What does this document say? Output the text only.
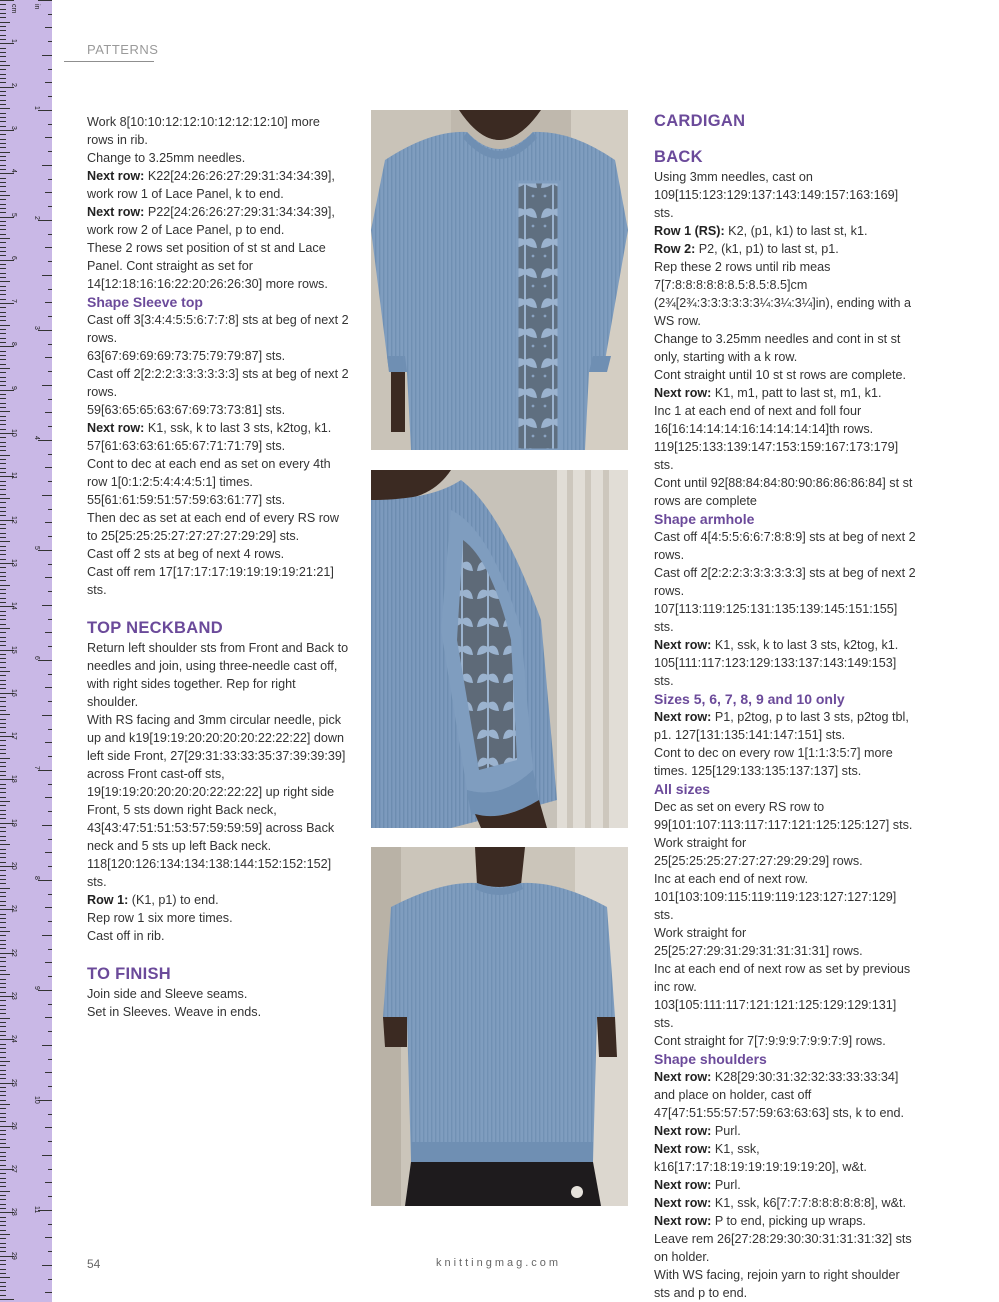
cm in
1
2
3
4
5
6
7
8
9
10
11
12
13
14
15
16
17
18
19
20
21
22
23
24
25
26
27
28
29
1
2
3
4
5
6
7
8
9
10
11
PATTERNS

Work 8[10:10:12:12:10:12:12:12:10] more rows in rib.

Change to 3.25mm needles.

Next row: K22[24:26:26:27:29:31:34:34:39], work row 1 of Lace Panel, k to end.

Next row: P22[24:26:26:27:29:31:34:34:39], work row 2 of Lace Panel, p to end.

These 2 rows set position of st st and Lace Panel. Cont straight as set for 14[12:18:16:16:22:20:26:26:30] more rows.

Shape Sleeve top

Cast off 3[3:4:4:5:5:6:7:7:8] sts at beg of next 2 rows.

63[67:69:69:69:73:75:79:79:87] sts.

Cast off 2[2:2:2:3:3:3:3:3:3] sts at beg of next 2 rows.

59[63:65:65:63:67:69:73:73:81] sts.

Next row: K1, ssk, k to last 3 sts, k2tog, k1. 57[61:63:63:61:65:67:71:71:79] sts.

Cont to dec at each end as set on every 4th row 1[0:1:2:5:4:4:4:5:1] times. 55[61:61:59:51:57:59:63:61:77] sts.

Then dec as set at each end of every RS row to 25[25:25:25:27:27:27:27:29:29] sts.

Cast off 2 sts at beg of next 4 rows.

Cast off rem 17[17:17:17:19:19:19:19:21:21] sts.

TOP NECKBAND

Return left shoulder sts from Front and Back to needles and join, using three-needle cast off, with right sides together. Rep for right shoulder.

With RS facing and 3mm circular needle, pick up and k19[19:19:20:20:20:20:22:22:22] down left side Front, 27[29:31:33:33:35:37:39:39:39] across Front cast-off sts, 19[19:19:20:20:20:20:22:22:22] up right side Front, 5 sts down right Back neck, 43[43:47:51:51:53:57:59:59:59] across Back neck and 5 sts up left Back neck. 118[120:126:134:134:138:144:152:152:152] sts.

Row 1: (K1, p1) to end.

Rep row 1 six more times.

Cast off in rib.

TO FINISH

Join side and Sleeve seams.

Set in Sleeves. Weave in ends.

CARDIGAN

BACK

Using 3mm needles, cast on 109[115:123:129:137:143:149:157:163:169] sts.

Row 1 (RS): K2, (p1, k1) to last st, k1.

Row 2: P2, (k1, p1) to last st, p1.

Rep these 2 rows until rib meas 7[7:8:8:8:8:8:8.5:8.5:8.5]cm (2¾[2¾:3:3:3:3:3:3¼:3¼:3¼]in), ending with a WS row.

Change to 3.25mm needles and cont in st st only, starting with a k row.

Cont straight until 10 st st rows are complete.

Next row: K1, m1, patt to last st, m1, k1.

Inc 1 at each end of next and foll four 16[16:14:14:14:16:14:14:14:14]th rows. 119[125:133:139:147:153:159:167:173:179] sts.

Cont until 92[88:84:84:80:90:86:86:86:84] st st rows are complete

Shape armhole

Cast off 4[4:5:5:6:6:7:8:8:9] sts at beg of next 2 rows.

Cast off 2[2:2:2:3:3:3:3:3:3] sts at beg of next 2 rows. 107[113:119:125:131:135:139:145:151:155] sts.

Next row: K1, ssk, k to last 3 sts, k2tog, k1. 105[111:117:123:129:133:137:143:149:153] sts.

Sizes 5, 6, 7, 8, 9 and 10 only

Next row: P1, p2tog, p to last 3 sts, p2tog tbl, p1. 127[131:135:141:147:151] sts.

Cont to dec on every row 1[1:1:3:5:7] more times. 125[129:133:135:137:137] sts.

All sizes

Dec as set on every RS row to 99[101:107:113:117:117:121:125:125:127] sts.

Work straight for 25[25:25:25:27:27:27:29:29:29] rows.

Inc at each end of next row. 101[103:109:115:119:119:123:127:127:129] sts.

Work straight for 25[25:27:29:31:29:31:31:31:31] rows.

Inc at each end of next row as set by previous inc row. 103[105:111:117:121:121:125:129:129:131] sts.

Cont straight for 7[7:9:9:9:7:9:9:7:9] rows.

Shape shoulders

Next row: K28[29:30:31:32:32:33:33:33:34] and place on holder, cast off 47[47:51:55:57:57:59:63:63:63] sts, k to end.

Next row: Purl.

Next row: K1, ssk, k16[17:17:18:19:19:19:19:19:20], w&t.

Next row: Purl.

Next row: K1, ssk, k6[7:7:7:8:8:8:8:8:8], w&t.

Next row: P to end, picking up wraps.

Leave rem 26[27:28:29:30:30:31:31:31:32] sts on holder.

With WS facing, rejoin yarn to right shoulder sts and p to end.

54	knittingmag.com
